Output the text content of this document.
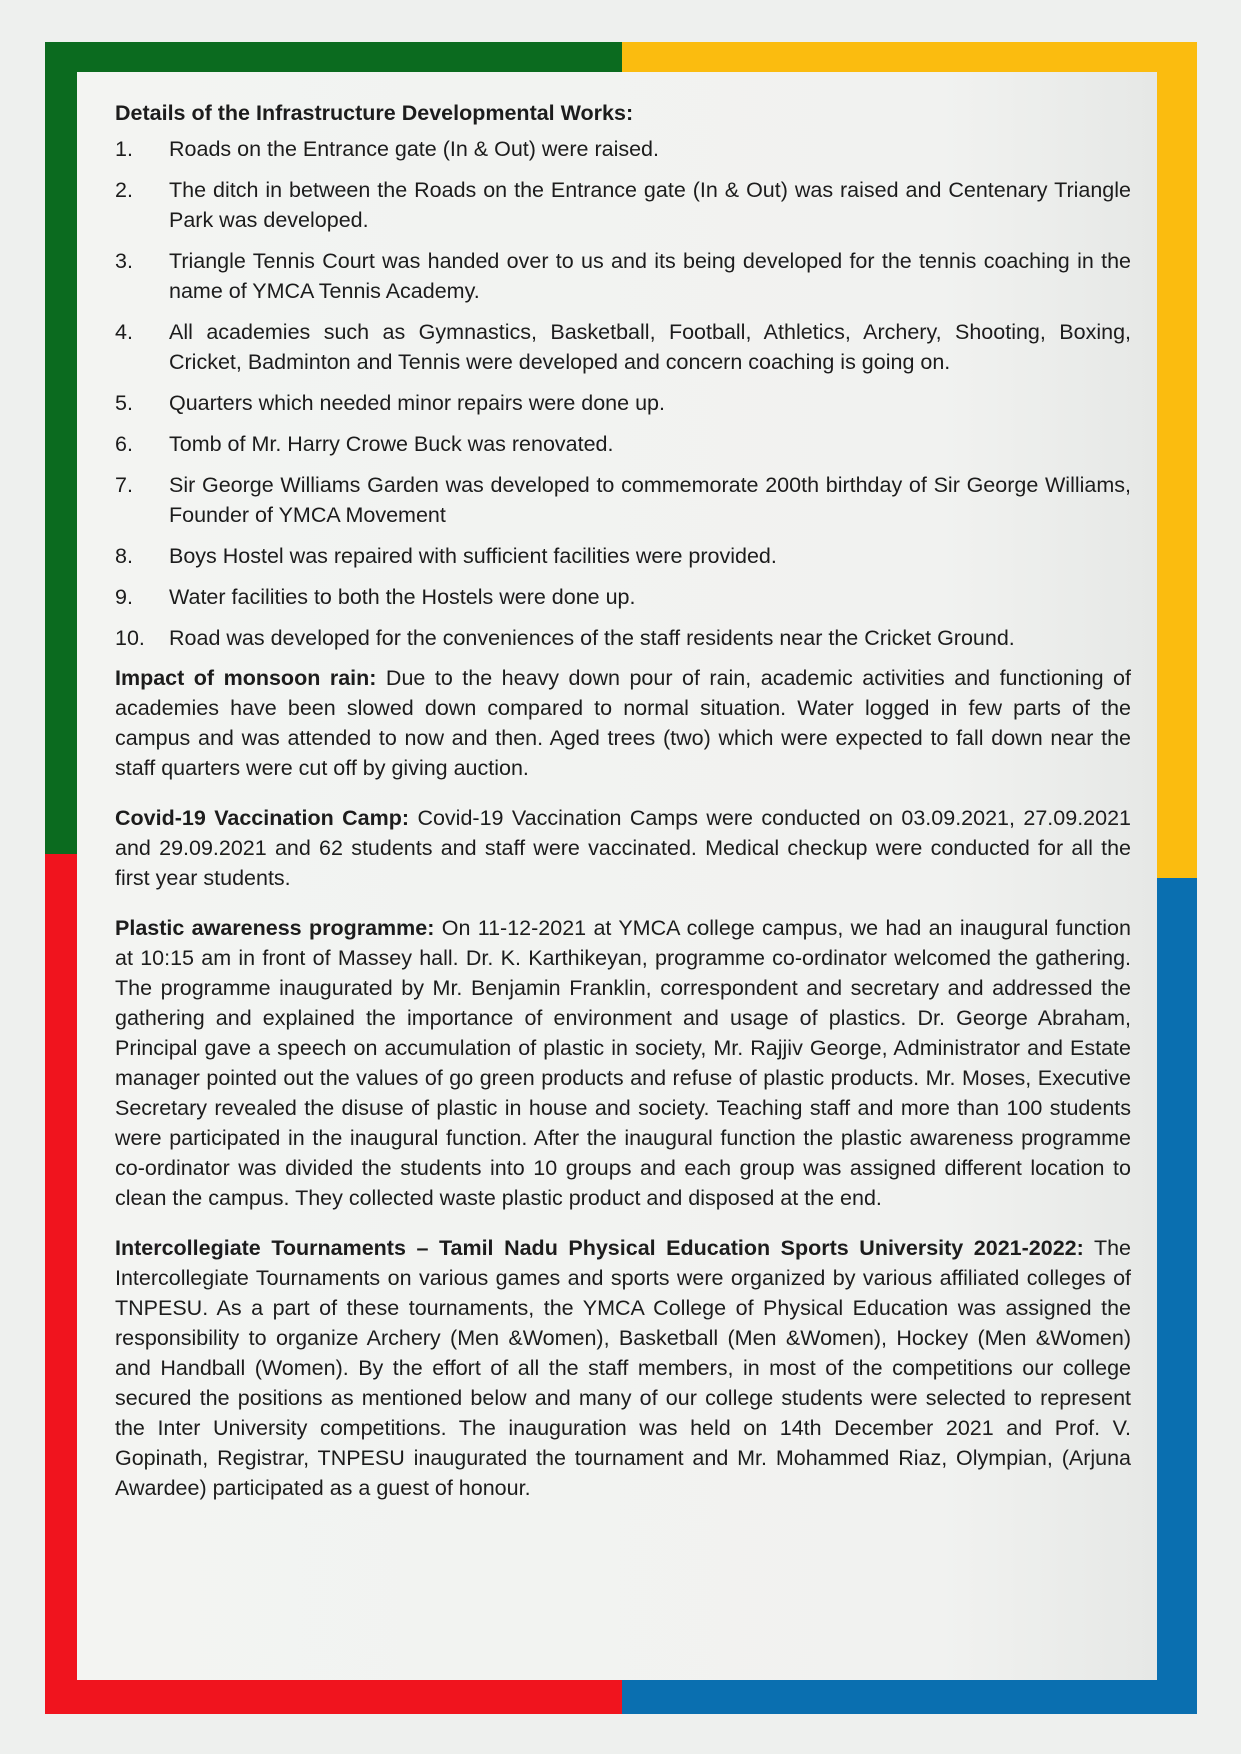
Details of the Infrastructure Developmental Works:
1. Roads on the Entrance gate (In & Out) were raised.
2. The ditch in between the Roads on the Entrance gate (In & Out) was raised and Centenary Triangle Park was developed.
3. Triangle Tennis Court was handed over to us and its being developed for the tennis coaching in the name of YMCA Tennis Academy.
4. All academies such as Gymnastics, Basketball, Football, Athletics, Archery, Shooting, Boxing, Cricket, Badminton and Tennis were developed and concern coaching is going on.
5. Quarters which needed minor repairs were done up.
6. Tomb of Mr. Harry Crowe Buck was renovated.
7. Sir George Williams Garden was developed to commemorate 200th birthday of Sir George Williams, Founder of YMCA Movement
8. Boys Hostel was repaired with sufficient facilities were provided.
9. Water facilities to both the Hostels were done up.
10. Road was developed for the conveniences of the staff residents near the Cricket Ground.

Impact of monsoon rain: Due to the heavy down pour of rain, academic activities and functioning of academies have been slowed down compared to normal situation. Water logged in few parts of the campus and was attended to now and then. Aged trees (two) which were expected to fall down near the staff quarters were cut off by giving auction.

Covid-19 Vaccination Camp: Covid-19 Vaccination Camps were conducted on 03.09.2021, 27.09.2021 and 29.09.2021 and 62 students and staff were vaccinated. Medical checkup were conducted for all the first year students.

Plastic awareness programme: On 11-12-2021 at YMCA college campus, we had an inaugural function at 10:15 am in front of Massey hall. Dr. K. Karthikeyan, programme co-ordinator welcomed the gathering. The programme inaugurated by Mr. Benjamin Franklin, correspondent and secretary and addressed the gathering and explained the importance of environment and usage of plastics. Dr. George Abraham, Principal gave a speech on accumulation of plastic in society, Mr. Rajjiv George, Administrator and Estate manager pointed out the values of go green products and refuse of plastic products. Mr. Moses, Executive Secretary revealed the disuse of plastic in house and society. Teaching staff and more than 100 students were participated in the inaugural function. After the inaugural function the plastic awareness programme co-ordinator was divided the students into 10 groups and each group was assigned different location to clean the campus. They collected waste plastic product and disposed at the end.

Intercollegiate Tournaments – Tamil Nadu Physical Education Sports University 2021-2022: The Intercollegiate Tournaments on various games and sports were organized by various affiliated colleges of TNPESU. As a part of these tournaments, the YMCA College of Physical Education was assigned the responsibility to organize Archery (Men &Women), Basketball (Men &Women), Hockey (Men &Women) and Handball (Women). By the effort of all the staff members, in most of the competitions our college secured the positions as mentioned below and many of our college students were selected to represent the Inter University competitions. The inauguration was held on 14th December 2021 and Prof. V. Gopinath, Registrar, TNPESU inaugurated the tournament and Mr. Mohammed Riaz, Olympian, (Arjuna Awardee) participated as a guest of honour.
